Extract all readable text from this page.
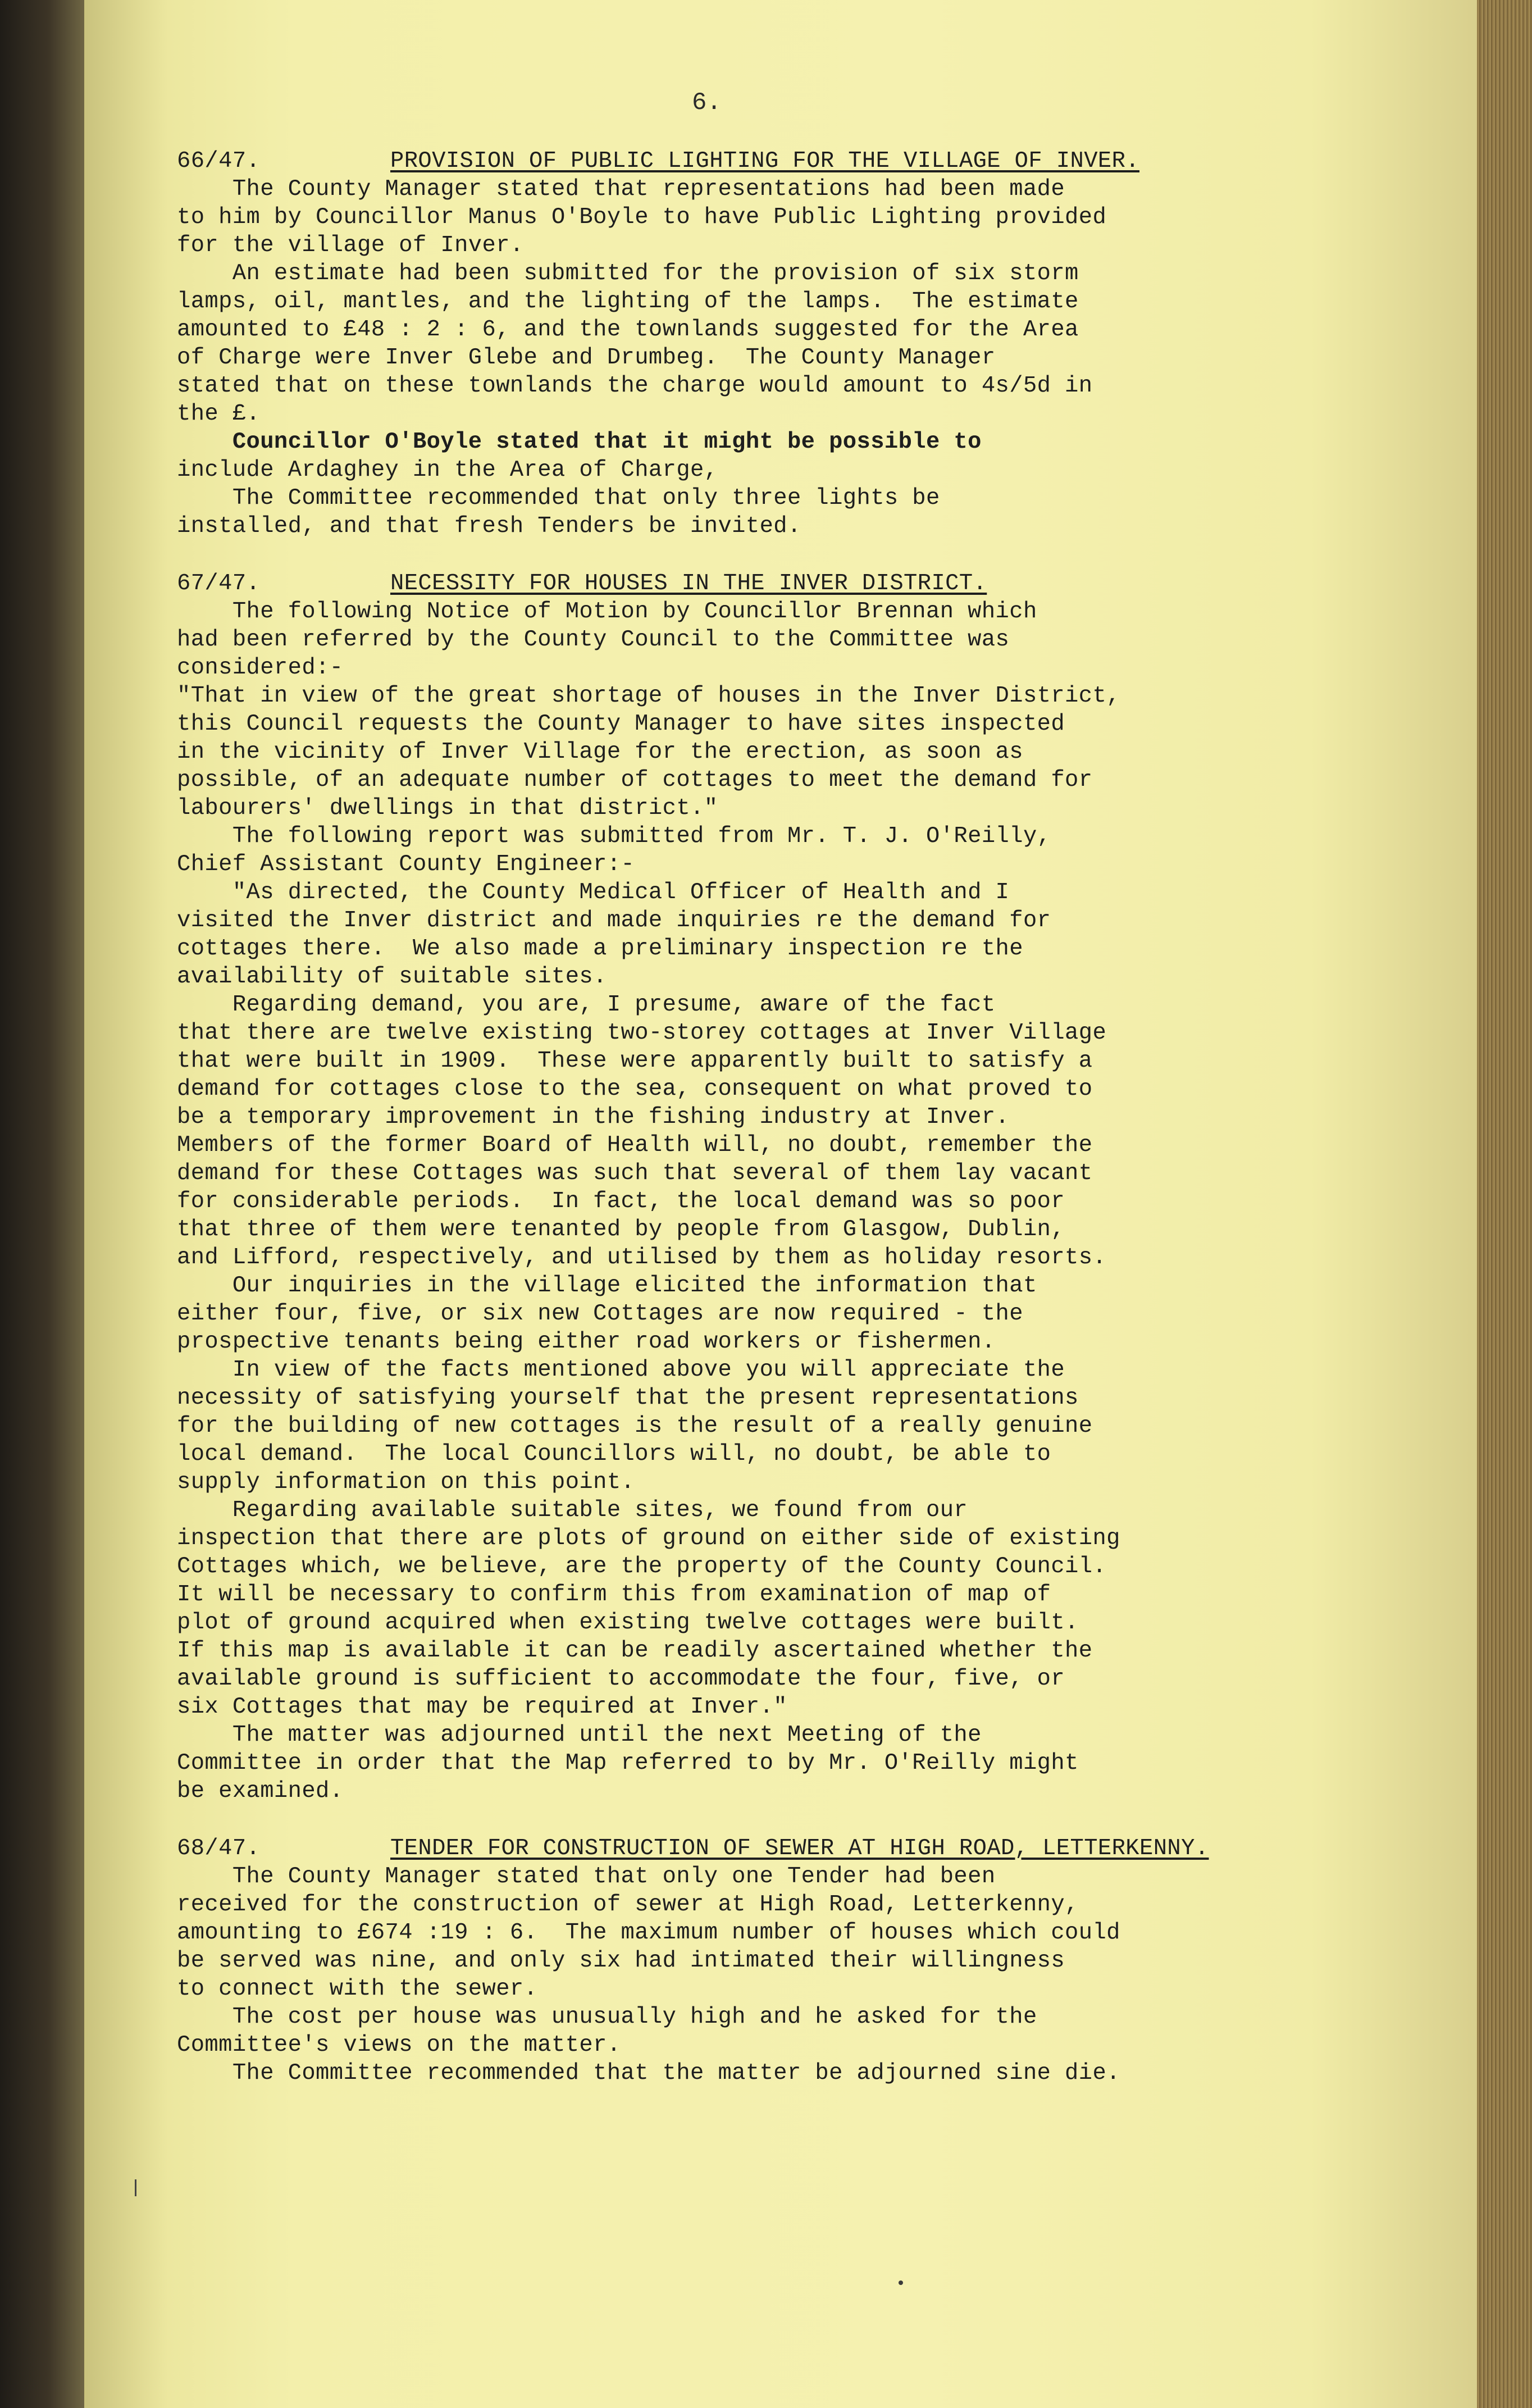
6.
66/47.	PROVISION OF PUBLIC LIGHTING FOR THE VILLAGE OF INVER.
The County Manager stated that representations had been made
to him by Councillor Manus O'Boyle to have Public Lighting provided
for the village of Inver.
An estimate had been submitted for the provision of six storm
lamps, oil, mantles, and the lighting of the lamps.  The estimate
amounted to £48 : 2 : 6, and the townlands suggested for the Area
of Charge were Inver Glebe and Drumbeg.  The County Manager
stated that on these townlands the charge would amount to 4s/5d in
the £.
Councillor O'Boyle stated that it might be possible to
include Ardaghey in the Area of Charge,
The Committee recommended that only three lights be
installed, and that fresh Tenders be invited.
67/47.	NECESSITY FOR HOUSES IN THE INVER DISTRICT.
The following Notice of Motion by Councillor Brennan which
had been referred by the County Council to the Committee was
considered:-
"That in view of the great shortage of houses in the Inver District,
this Council requests the County Manager to have sites inspected
in the vicinity of Inver Village for the erection, as soon as
possible, of an adequate number of cottages to meet the demand for
labourers' dwellings in that district."
The following report was submitted from Mr. T. J. O'Reilly,
Chief Assistant County Engineer:-
"As directed, the County Medical Officer of Health and I
visited the Inver district and made inquiries re the demand for
cottages there.  We also made a preliminary inspection re the
availability of suitable sites.
Regarding demand, you are, I presume, aware of the fact
that there are twelve existing two-storey cottages at Inver Village
that were built in 1909.  These were apparently built to satisfy a
demand for cottages close to the sea, consequent on what proved to
be a temporary improvement in the fishing industry at Inver.
Members of the former Board of Health will, no doubt, remember the
demand for these Cottages was such that several of them lay vacant
for considerable periods.  In fact, the local demand was so poor
that three of them were tenanted by people from Glasgow, Dublin,
and Lifford, respectively, and utilised by them as holiday resorts.
Our inquiries in the village elicited the information that
either four, five, or six new Cottages are now required - the
prospective tenants being either road workers or fishermen.
In view of the facts mentioned above you will appreciate the
necessity of satisfying yourself that the present representations
for the building of new cottages is the result of a really genuine
local demand.  The local Councillors will, no doubt, be able to
supply information on this point.
Regarding available suitable sites, we found from our
inspection that there are plots of ground on either side of existing
Cottages which, we believe, are the property of the County Council.
It will be necessary to confirm this from examination of map of
plot of ground acquired when existing twelve cottages were built.
If this map is available it can be readily ascertained whether the
available ground is sufficient to accommodate the four, five, or
six Cottages that may be required at Inver."
The matter was adjourned until the next Meeting of the
Committee in order that the Map referred to by Mr. O'Reilly might
be examined.
68/47.	TENDER FOR CONSTRUCTION OF SEWER AT HIGH ROAD, LETTERKENNY.
The County Manager stated that only one Tender had been
received for the construction of sewer at High Road, Letterkenny,
amounting to £674 :19 : 6.  The maximum number of houses which could
be served was nine, and only six had intimated their willingness
to connect with the sewer.
The cost per house was unusually high and he asked for the
Committee's views on the matter.
The Committee recommended that the matter be adjourned sine die.
